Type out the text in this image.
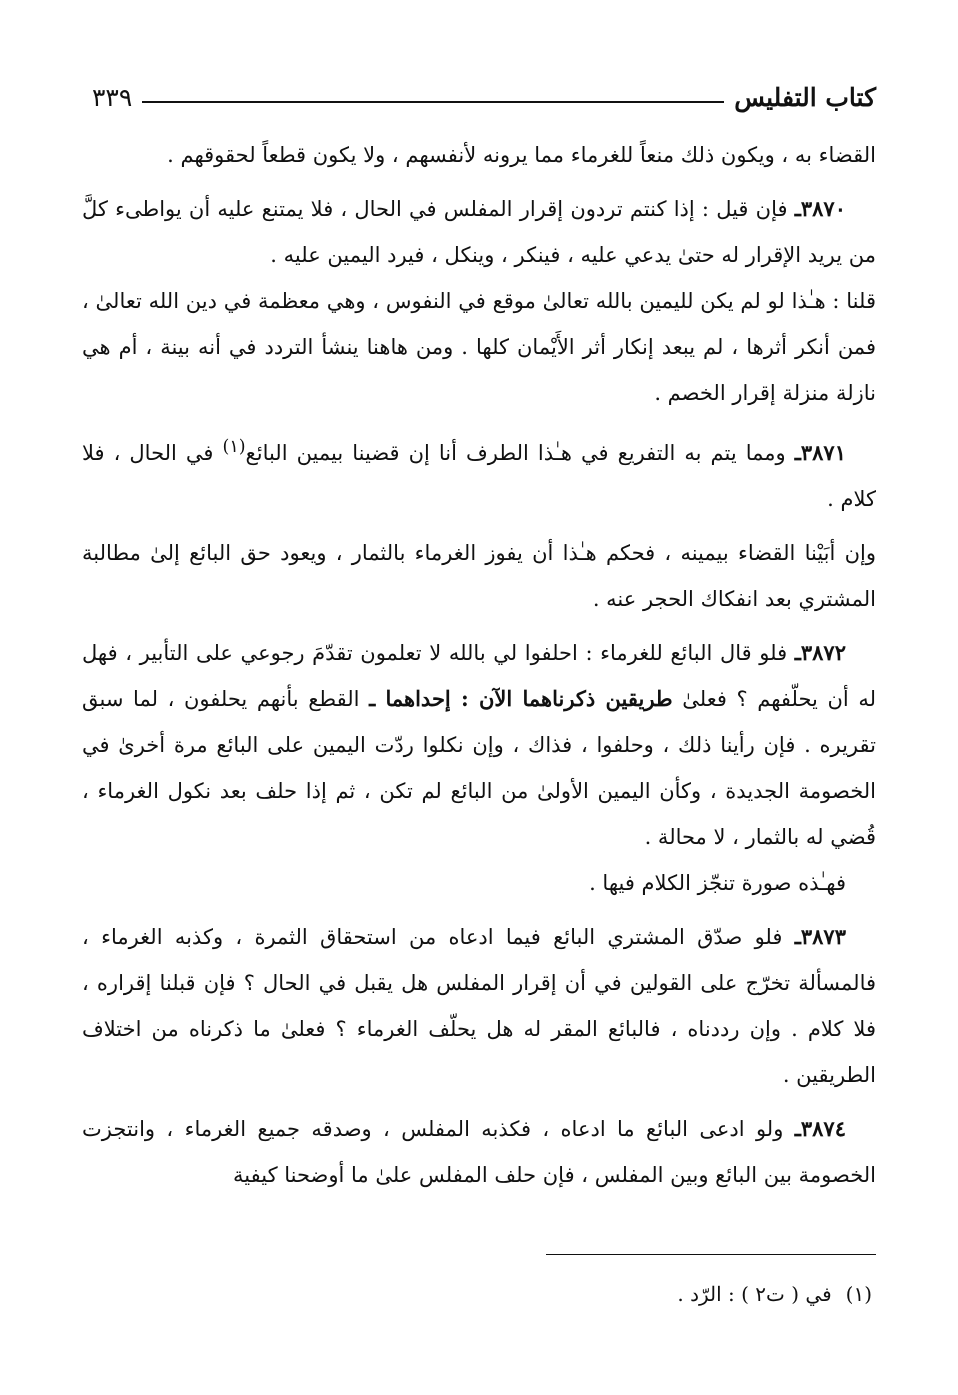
كتاب التفليس
٣٣٩

القضاء به ، ويكون ذلك منعاً للغرماء مما يرونه لأنفسهم ، ولا يكون قطعاً لحقوقهم .

٣٨٧٠ـ فإن قيل : إذا كنتم تردون إقرار المفلس في الحال ، فلا يمتنع عليه أن يواطىء كلَّ من يريد الإقرار له حتىٰ يدعي عليه ، فينكر ، وينكل ، فيرد اليمين عليه .

قلنا : هـٰذا لو لم يكن لليمين بالله تعالىٰ موقع في النفوس ، وهي معظمة في دين الله تعالىٰ ، فمن أنكر أثرها ، لم يبعد إنكار أثر الأَيْمان كلها . ومن هاهنا ينشأ التردد في أنه بينة ، أم هي نازلة منزلة إقرار الخصم .

٣٨٧١ـ ومما يتم به التفريع في هـٰذا الطرف أنا إن قضينا بيمين البائع$^{(١)}$ في الحال ، فلا كلام .

وإن أبَيْنا القضاء بيمينه ، فحكم هـٰذا أن يفوز الغرماء بالثمار ، ويعود حق البائع إلىٰ مطالبة المشتري بعد انفكاك الحجر عنه .

٣٨٧٢ـ فلو قال البائع للغرماء : احلفوا لي بالله لا تعلمون تقدّمَ رجوعي على التأبير ، فهل له أن يحلّفهم ؟ فعلىٰ طريقين ذكرناهما الآن : إحداهما ـ القطع بأنهم يحلفون ، لما سبق تقريره . فإن رأينا ذلك ، وحلفوا ، فذاك ، وإن نكلوا ردّت اليمين على البائع مرة أخرىٰ في الخصومة الجديدة ، وكأن اليمين الأولىٰ من البائع لم تكن ، ثم إذا حلف بعد نكول الغرماء ، قُضي له بالثمار ، لا محالة .

فهـٰذه صورة تنجّز الكلام فيها .

٣٨٧٣ـ فلو صدّق المشتري البائع فيما ادعاه من استحقاق الثمرة ، وكذبه الغرماء ، فالمسألة تخرّج على القولين في أن إقرار المفلس هل يقبل في الحال ؟ فإن قبلنا إقراره ، فلا كلام . وإن رددناه ، فالبائع المقر له هل يحلّف الغرماء ؟ فعلىٰ ما ذكرناه من اختلاف الطريقين .

٣٨٧٤ـ ولو ادعى البائع ما ادعاه ، فكذبه المفلس ، وصدقه جميع الغرماء ، وانتجزت الخصومة بين البائع وبين المفلس ، فإن حلف المفلس علىٰ ما أوضحنا كيفية

(١)في ( ت٢ ) : الرّد .
